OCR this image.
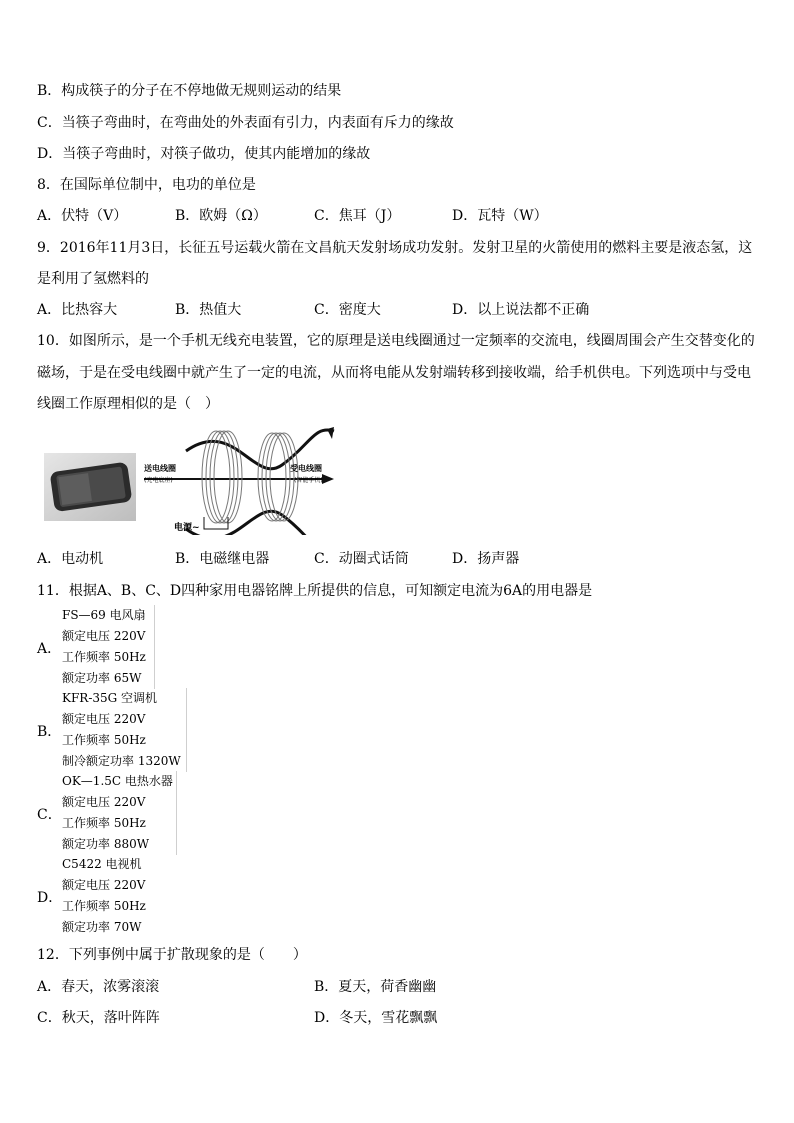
B．构成筷子的分子在不停地做无规则运动的结果
C．当筷子弯曲时，在弯曲处的外表面有引力，内表面有斥力的缘故
D．当筷子弯曲时，对筷子做功，使其内能增加的缘故
8．在国际单位制中，电功的单位是
A．伏特（V）	B．欧姆（Ω）	C．焦耳（J）	D．瓦特（W）
9．2016年11月3日，长征五号运载火箭在文昌航天发射场成功发射。发射卫星的火箭使用的燃料主要是液态氢，这
是利用了氢燃料的
A．比热容大	B．热值大	C．密度大	D．以上说法都不正确
10．如图所示，是一个手机无线充电装置，它的原理是送电线圈通过一定频率的交流电，线圈周围会产生交替变化的
磁场，于是在受电线圈中就产生了一定的电流，从而将电能从发射端转移到接收端，给手机供电。下列选项中与受电
线圈工作原理相似的是（　）
送电线圈
(充电底座)
受电线圈
(智能手机)
电源~
A．电动机	B．电磁继电器	C．动圈式话筒	D．扬声器
11．根据A、B、C、D四种家用电器铭牌上所提供的信息，可知额定电流为6A的用电器是
A．
FS—69 电风扇
额定电压 220V
工作频率 50Hz
额定功率 65W
B．
KFR-35G 空调机
额定电压 220V
工作频率 50Hz
制冷额定功率 1320W
C．
OK—1.5C 电热水器
额定电压 220V
工作频率 50Hz
额定功率 880W
D．
C5422 电视机
额定电压 220V
工作频率 50Hz
额定功率 70W
12．下列事例中属于扩散现象的是（　　）
A．春天，浓雾滚滚	B．夏天，荷香幽幽
C．秋天，落叶阵阵	D．冬天，雪花飘飘
